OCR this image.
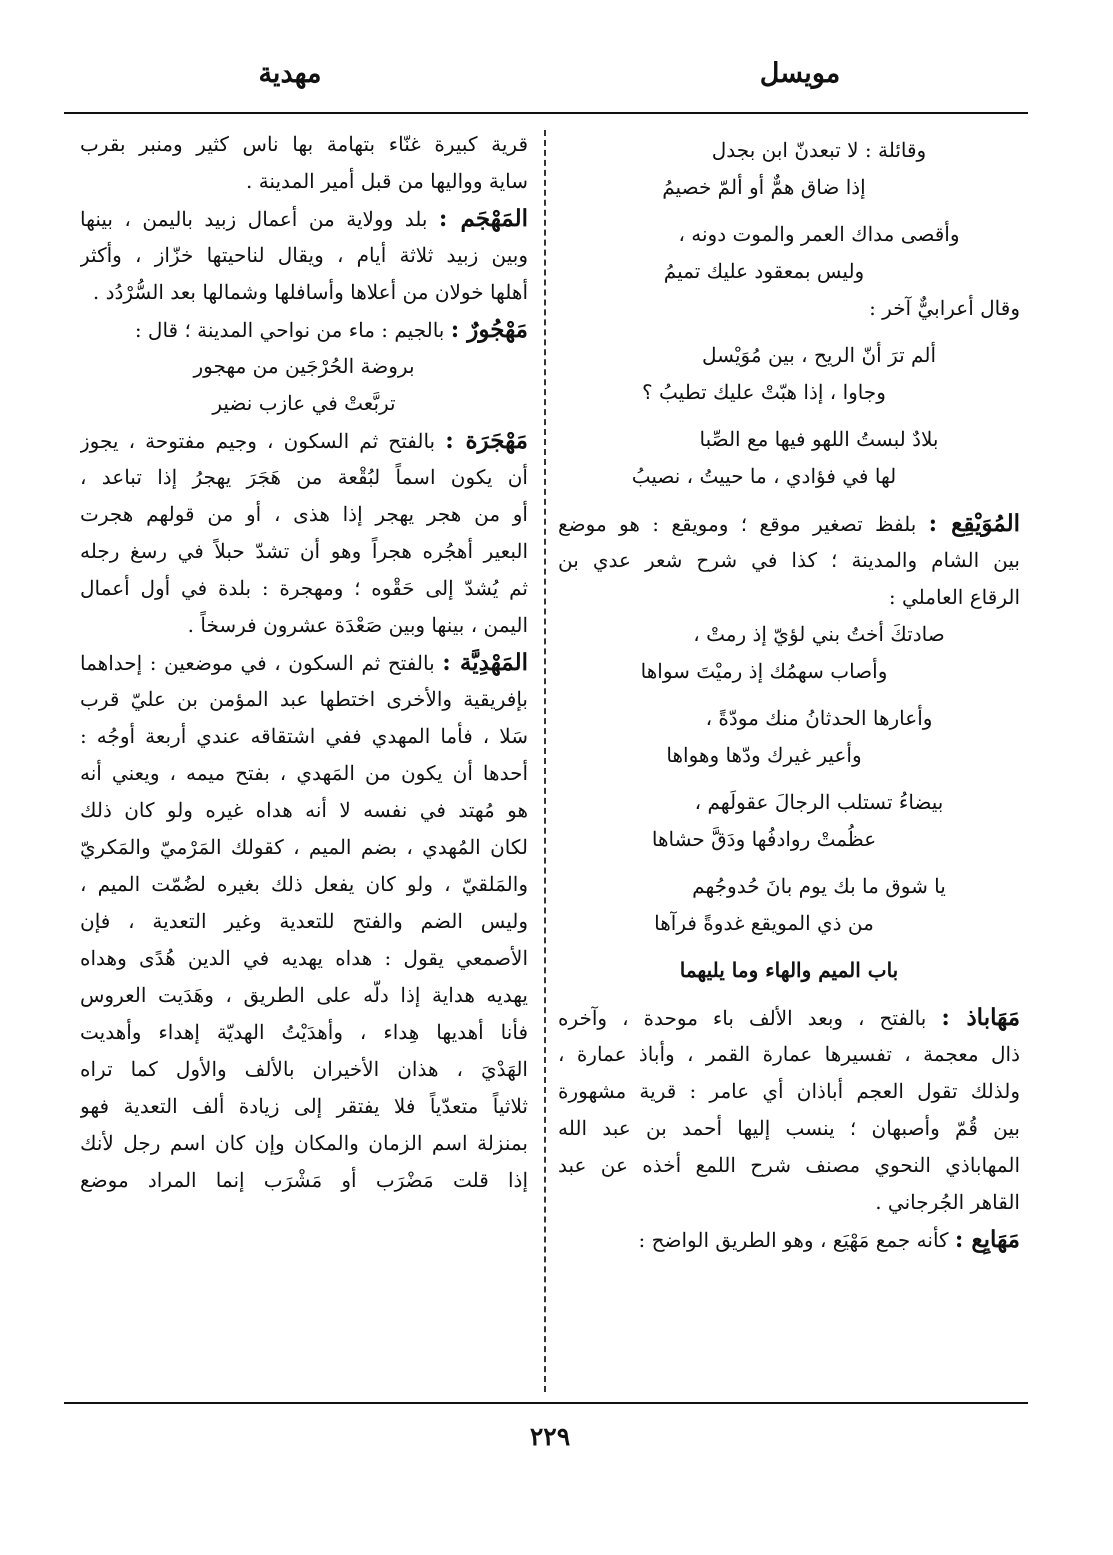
مويسل
مهدية
وقائلة : لا تبعدنّ ابن بجدل
إذا ضاق همٌّ أو ألمّ خصيمُ
وأقصى مداك العمر والموت دونه ،
وليس بمعقود عليك تميمُ
وقال أعرابيٌّ آخر :
ألم ترَ أنّ الريح ، بين مُوَيْسل
وجاوا ، إذا هبّتْ عليك تطيبُ ؟
بلادٌ لبستُ اللهو فيها مع الصِّبا
لها في فؤادي ، ما حييتُ ، نصيبُ
المُوَيْقِع : بلفظ تصغير موقع ؛ ومويقع : هو موضع
بين الشام والمدينة ؛ كذا في شرح شعر عدي بن
الرقاع العاملي :
صادتكَ أختُ بني لؤيّ إذ رمتْ ،
وأصاب سهمُك إذ رميْتَ سواها
وأعارها الحدثانُ منك مودّةً ،
وأعير غيرك ودّها وهواها
بيضاءُ تستلب الرجالَ عقولَهم ،
عظُمتْ روادفُها ودَقَّ حشاها
يا شوق ما بك يوم بانَ حُدوجُهم
من ذي المويقع غدوةً فرآها
باب الميم والهاء وما يليهما
مَهَاباذ : بالفتح ، وبعد الألف باء موحدة ، وآخره
ذال معجمة ، تفسيرها عمارة القمر ، وأباذ عمارة ،
ولذلك تقول العجم أباذان أي عامر : قرية مشهورة
بين قُمّ وأصبهان ؛ ينسب إليها أحمد بن عبد الله
المهاباذي النحوي مصنف شرح اللمع أخذه عن عبد
القاهر الجُرجاني .
مَهَايِع : كأنه جمع مَهْيَع ، وهو الطريق الواضح :
قرية كبيرة غنّاء بتهامة بها ناس كثير ومنبر بقرب
ساية وواليها من قبل أمير المدينة .
المَهْجَم : بلد وولاية من أعمال زبيد باليمن ، بينها
وبين زبيد ثلاثة أيام ، ويقال لناحيتها خزّاز ، وأكثر
أهلها خولان من أعلاها وأسافلها وشمالها بعد السُّرْدُد .
مَهْجُورٌ : بالجيم : ماء من نواحي المدينة ؛ قال :
بروضة الحُرْجَين من مهجور
تربَّعتْ في عازب نضير
مَهْجَرَة : بالفتح ثم السكون ، وجيم مفتوحة ، يجوز
أن يكون اسماً لبُقْعة من هَجَرَ يهجرُ إذا تباعد ،
أو من هجر يهجر إذا هذى ، أو من قولهم هجرت
البعير أهجُره هجراً وهو أن تشدّ حبلاً في رسغ رجله
ثم يُشدّ إلى حَقْوه ؛ ومهجرة : بلدة في أول أعمال
اليمن ، بينها وبين صَعْدَة عشرون فرسخاً .
المَهْدِيَّة : بالفتح ثم السكون ، في موضعين : إحداهما
بإفريقية والأخرى اختطها عبد المؤمن بن عليّ قرب
سَلا ، فأما المهدي ففي اشتقاقه عندي أربعة أوجُه :
أحدها أن يكون من المَهدي ، بفتح ميمه ، ويعني أنه
هو مُهتد في نفسه لا أنه هداه غيره ولو كان ذلك
لكان المُهدي ، بضم الميم ، كقولك المَرْميّ والمَكريّ
والمَلقيّ ، ولو كان يفعل ذلك بغيره لضُمّت الميم ،
وليس الضم والفتح للتعدية وغير التعدية ، فإن
الأصمعي يقول : هداه يهديه في الدين هُدًى وهداه
يهديه هداية إذا دلّه على الطريق ، وهَدَيت العروس
فأنا أهديها هِداء ، وأهدَيْتُ الهديّة إهداء وأهديت
الهَدْيَ ، هذان الأخيران بالألف والأول كما تراه
ثلاثياً متعدّياً فلا يفتقر إلى زيادة ألف التعدية فهو
بمنزلة اسم الزمان والمكان وإن كان اسم رجل لأنك
إذا قلت مَضْرَب أو مَشْرَب إنما المراد موضع
٢٢٩
